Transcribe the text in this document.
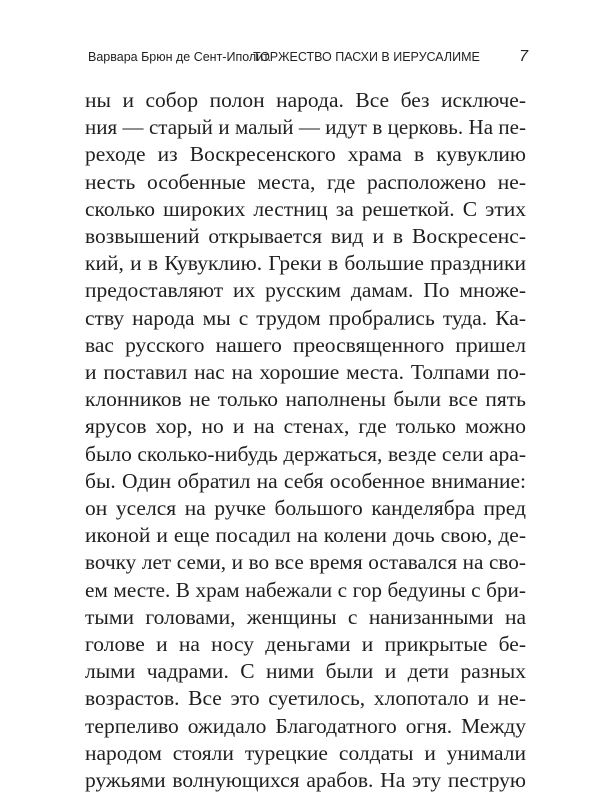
Варвара Брюн де Сент-Иполит.
ТОРЖЕСТВО ПАСХИ В ИЕРУСАЛИМЕ 7
ны и собор полон народа. Все без исключе-
ния — старый и малый — идут в церковь. На пе-
реходе из Воскресенского храма в кувуклию
несть особенные места, где расположено не-
сколько широких лестниц за решеткой. С этих
возвышений открывается вид и в Воскресенс-
кий, и в Кувуклию. Греки в большие праздники
предоставляют их русским дамам. По множе-
ству народа мы с трудом пробрались туда. Ка-
вас русского нашего преосвященного пришел
и поставил нас на хорошие места. Толпами по-
клонников не только наполнены были все пять
ярусов хор, но и на стенах, где только можно
было сколько-нибудь держаться, везде сели ара-
бы. Один обратил на себя особенное внимание:
он уселся на ручке большого канделябра пред
иконой и еще посадил на колени дочь свою, де-
вочку лет семи, и во все время оставался на сво-
ем месте. В храм набежали с гор бедуины с бри-
тыми головами, женщины с нанизанными на
голове и на носу деньгами и прикрытые бе-
лыми чадрами. С ними были и дети разных
возрастов. Все это суетилось, хлопотало и не-
терпеливо ожидало Благодатного огня. Между
народом стояли турецкие солдаты и унимали
ружьями волнующихся арабов. На эту пеструю
